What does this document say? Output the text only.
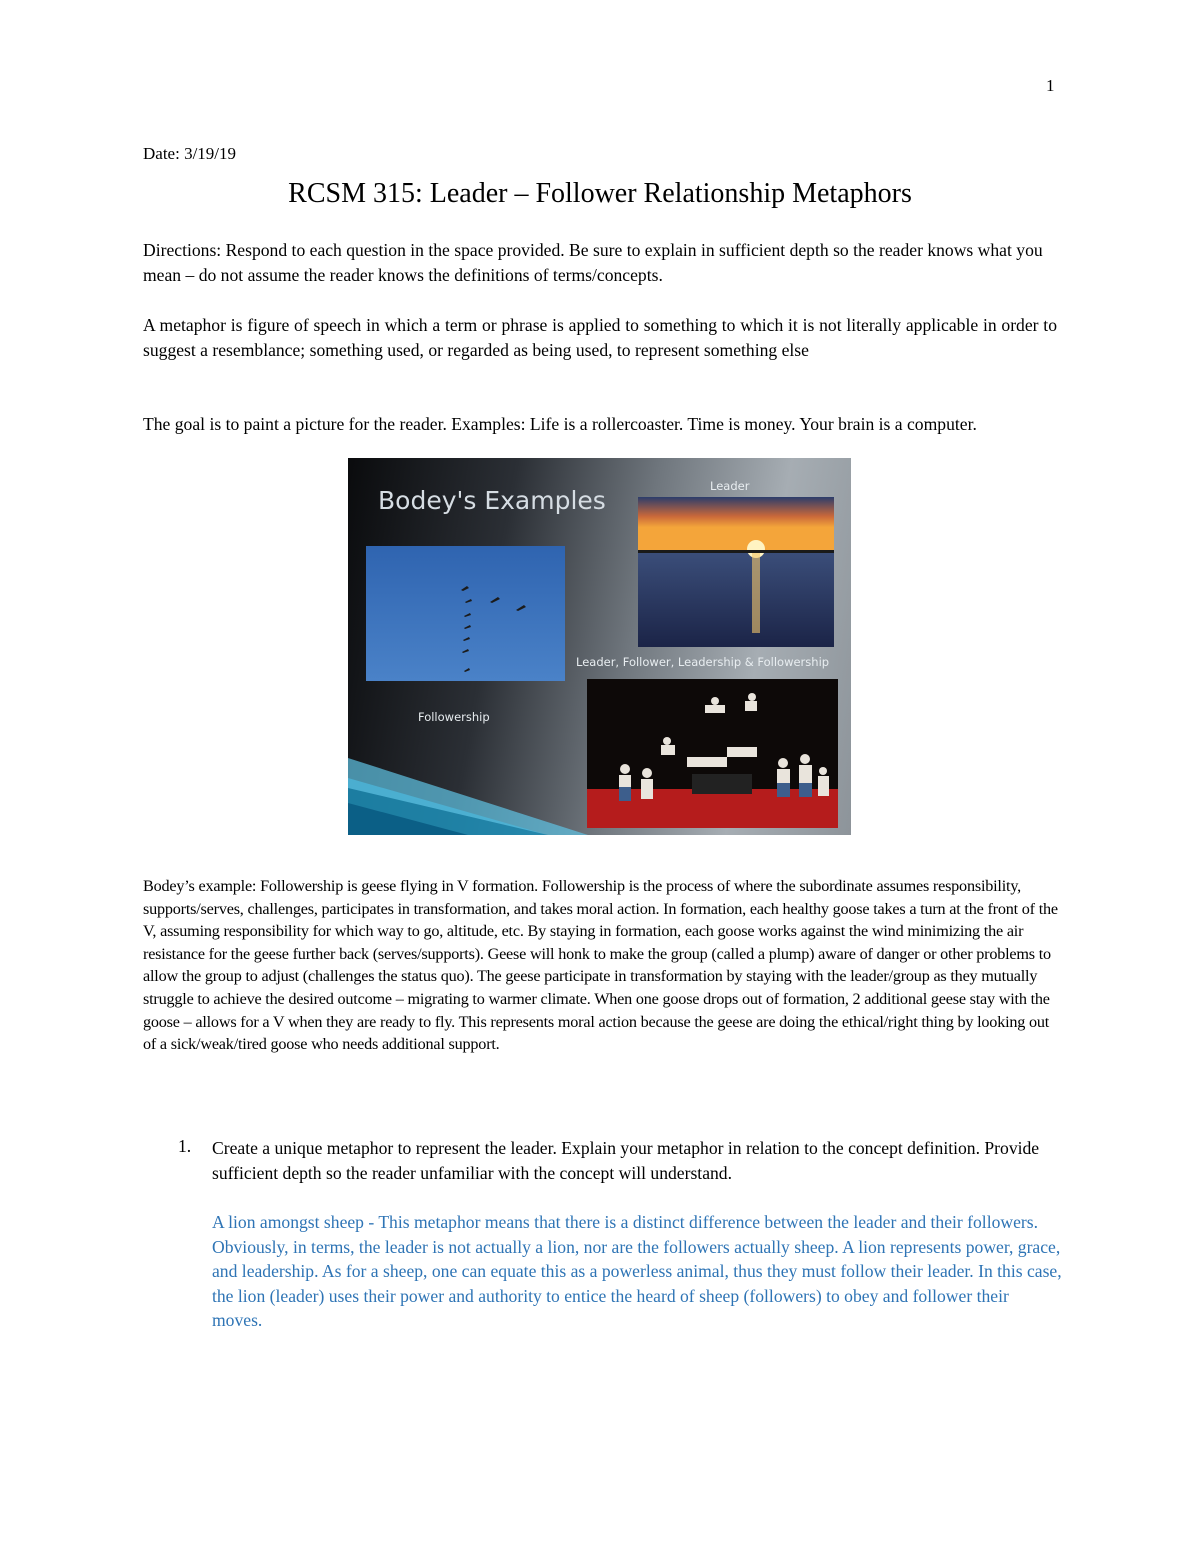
1
Date: 3/19/19
RCSM 315: Leader – Follower Relationship Metaphors

Directions: Respond to each question in the space provided. Be sure to explain in sufficient depth so the reader knows what you mean – do not assume the reader knows the definitions of terms/concepts.

A metaphor is figure of speech in which a term or phrase is applied to something to which it is not literally applicable in order to suggest a resemblance; something used, or regarded as being used, to represent something else

The goal is to paint a picture for the reader. Examples: Life is a rollercoaster. Time is money. Your brain is a computer.

Bodey's Examples	Leader
Leader, Follower, Leadership & Followership
Followership

Bodey’s example: Followership is geese flying in V formation. Followership is the process of where the subordinate assumes responsibility, supports/serves, challenges, participates in transformation, and takes moral action. In formation, each healthy goose takes a turn at the front of the V, assuming responsibility for which way to go, altitude, etc. By staying in formation, each goose works against the wind minimizing the air resistance for the geese further back (serves/supports). Geese will honk to make the group (called a plump) aware of danger or other problems to allow the group to adjust (challenges the status quo). The geese participate in transformation by staying with the leader/group as they mutually struggle to achieve the desired outcome – migrating to warmer climate. When one goose drops out of formation, 2 additional geese stay with the goose – allows for a V when they are ready to fly. This represents moral action because the geese are doing the ethical/right thing by looking out of a sick/weak/tired goose who needs additional support.

1. Create a unique metaphor to represent the leader. Explain your metaphor in relation to the concept definition. Provide sufficient depth so the reader unfamiliar with the concept will understand.

A lion amongst sheep - This metaphor means that there is a distinct difference between the leader and their followers. Obviously, in terms, the leader is not actually a lion, nor are the followers actually sheep. A lion represents power, grace, and leadership. As for a sheep, one can equate this as a powerless animal, thus they must follow their leader. In this case, the lion (leader) uses their power and authority to entice the heard of sheep (followers) to obey and follower their moves.
